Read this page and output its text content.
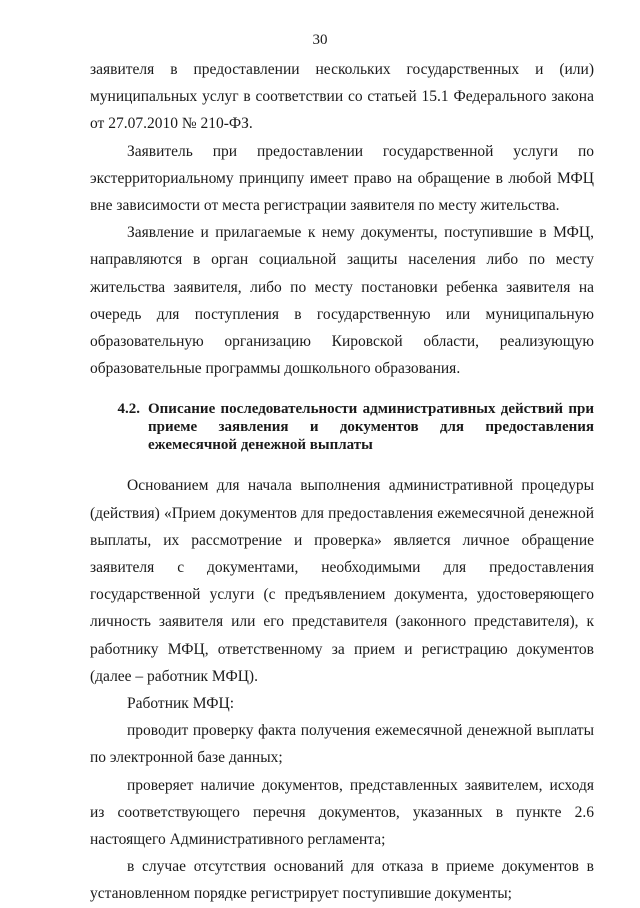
30

заявителя в предоставлении нескольких государственных и (или) муниципальных услуг в соответствии со статьей 15.1 Федерального закона от 27.07.2010 № 210-ФЗ.

Заявитель при предоставлении государственной услуги по экстерриториальному принципу имеет право на обращение в любой МФЦ вне зависимости от места регистрации заявителя по месту жительства.

Заявление и прилагаемые к нему документы, поступившие в МФЦ, направляются в орган социальной защиты населения либо по месту жительства заявителя, либо по месту постановки ребенка заявителя на очередь для поступления в государственную или муниципальную образовательную организацию Кировской области, реализующую образовательные программы дошкольного образования.

4.2. Описание последовательности административных действий при приеме заявления и документов для предоставления ежемесячной денежной выплаты

Основанием для начала выполнения административной процедуры (действия) «Прием документов для предоставления ежемесячной денежной выплаты, их рассмотрение и проверка» является личное обращение заявителя с документами, необходимыми для предоставления государственной услуги (с предъявлением документа, удостоверяющего личность заявителя или его представителя (законного представителя), к работнику МФЦ, ответственному за прием и регистрацию документов (далее – работник МФЦ).

Работник МФЦ:

проводит проверку факта получения ежемесячной денежной выплаты по электронной базе данных;

проверяет наличие документов, представленных заявителем, исходя из соответствующего перечня документов, указанных в пункте 2.6 настоящего Административного регламента;

в случае отсутствия оснований для отказа в приеме документов в установленном порядке регистрирует поступившие документы;
